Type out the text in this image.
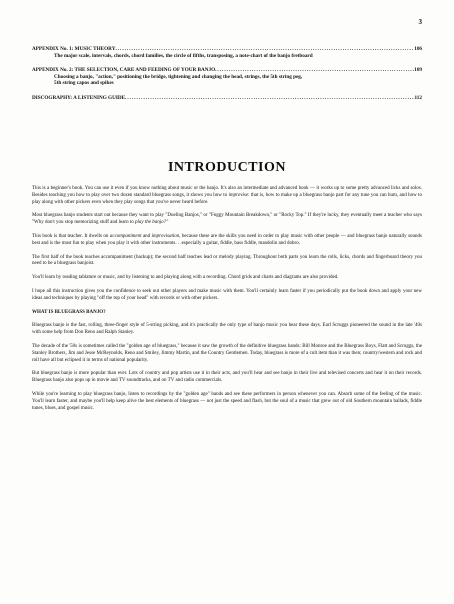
3
APPENDIX No. 1: MUSIC THEORY .....	106
The major scale, intervals, chords, chord families, the circle of fifths, transposing, a note-chart of the banjo fretboard
APPENDIX No. 2: THE SELECTION, CARE AND FEEDING OF YOUR BANJO .....	109
Choosing a banjo, "action," positioning the bridge, tightening and changing the head, strings, the 5th string peg,
5th string capos and spikes
DISCOGRAPHY: A LISTENING GUIDE .....	112
INTRODUCTION

This is a beginner's book. You can use it even if you know nothing about music or the banjo. It's also an intermediate and advanced book — it works up to some pretty advanced licks and solos. Besides teaching you how to play over two dozen standard bluegrass songs, it shows you how to improvise: that is, how to make up a bluegrass banjo part for any tune you can hum, and how to play along with other pickers even when they play songs that you've never heard before.

Most bluegrass banjo students start out because they want to play "Dueling Banjos," or "Foggy Mountain Breakdown," or "Rocky Top." If they're lucky, they eventually meet a teacher who says "Why don't you stop memorizing stuff and learn to play the banjo?"

This book is that teacher. It dwells on accompaniment and improvisation, because these are the skills you need in order to play music with other people — and bluegrass banjo naturally sounds best and is the most fun to play when you play it with other instruments. . .especially a guitar, fiddle, bass fiddle, mandolin and dobro.

The first half of the book teaches accompaniment (backup); the second half teaches lead or melody playing. Throughout both parts you learn the rolls, licks, chords and fingerboard theory you need to be a bluegrass banjoist.

You'll learn by reading tablature or music, and by listening to and playing along with a recording. Chord grids and charts and diagrams are also provided.

I hope all this instruction gives you the confidence to seek out other players and make music with them. You'll certainly learn faster if you periodically put the book down and apply your new ideas and techniques by playing "off the top of your head" with records or with other pickers.

WHAT IS BLUEGRASS BANJO?

Bluegrass banjo is the fast, rolling, three-finger style of 5-string picking, and it's practically the only type of banjo music you hear these days. Earl Scruggs pioneered the sound in the late '40s with some help from Don Reno and Ralph Stanley.

The decade of the '50s is sometimes called the "golden age of bluegrass," because it saw the growth of the definitive bluegrass bands: Bill Monroe and the Bluegrass Boys, Flatt and Scruggs, the Stanley Brothers, Jim and Jesse McReynolds, Reno and Smiley, Jimmy Martin, and the Country Gentlemen. Today, bluegrass is more of a cult item than it was then; country/western and rock and roll have all but eclipsed it in terms of national popularity.

But bluegrass banjo is more popular than ever. Lots of country and pop artists use it in their acts, and you'll hear and see banjo in their live and televised concerts and hear it on their records. Bluegrass banjo also pops up in movie and TV soundtracks, and on TV and radio commercials.

While you're learning to play bluegrass banjo, listen to recordings by the "golden age" bands and see these performers in person whenever you can. Absorb some of the feeling of the music. You'll learn faster, and maybe you'll help keep alive the best elements of bluegrass — not just the speed and flash, but the soul of a music that grew out of old Southern mountain ballads, fiddle tunes, blues, and gospel music.
